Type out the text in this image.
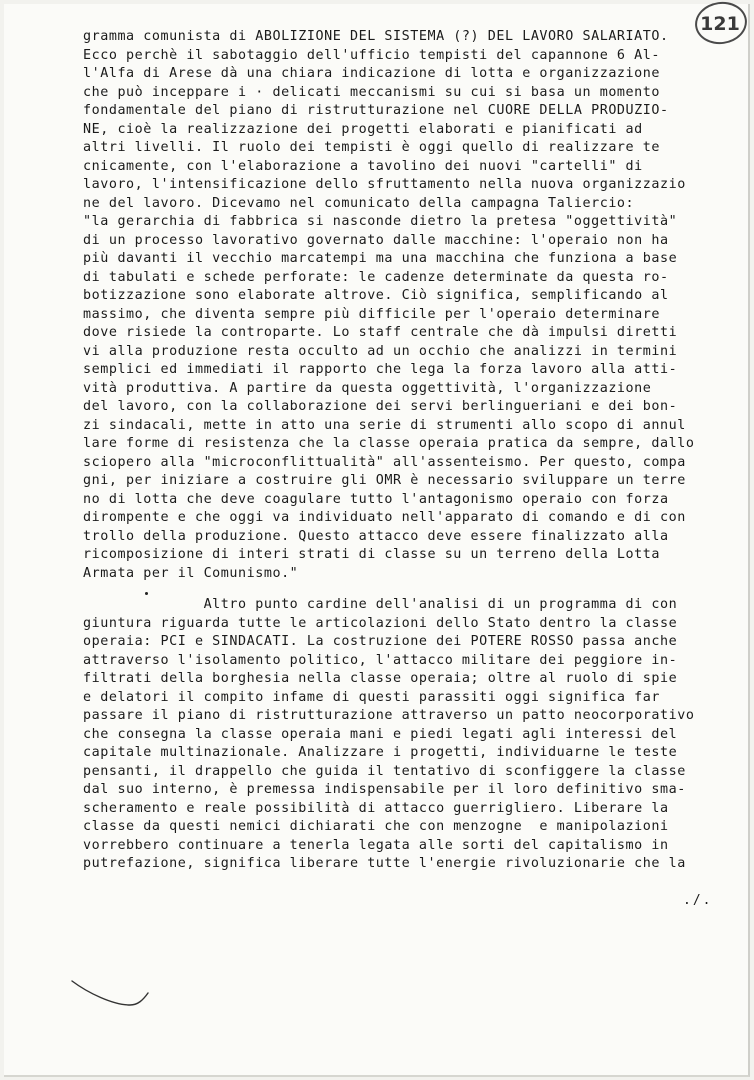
121
gramma comunista di ABOLIZIONE DEL SISTEMA (?) DEL LAVORO SALARIATO.
Ecco perchè il sabotaggio dell'ufficio tempisti del capannone 6 Al-
l'Alfa di Arese dà una chiara indicazione di lotta e organizzazione
che può incepparе i · delicati meccanismi su cui si basa un momento
fondamentale del piano di ristrutturazione nel CUORE DELLA PRODUZIO-
NE, cioè la realizzazione dei progetti elaborati e pianificati ad
altri livelli. Il ruolo dei tempisti è oggi quello di realizzare te
cnicamente, con l'elaborazione a tavolino dei nuovi "cartelli" di
lavoro, l'intensificazione dello sfruttamento nella nuova organizzazio
ne del lavoro. Dicevamo nel comunicato della campagna Taliercio:
"la gerarchia di fabbrica si nasconde dietro la pretesa "oggettività"
di un processo lavorativo governato dalle macchine: l'operaio non ha
più davanti il vecchio marcatempi ma una macchina che funziona a base
di tabulati e schede perforate: le cadenze determinate da questa ro-
botizzazione sono elaborate altrove. Ciò significa, semplificando al
massimo, che diventa sempre più difficile per l'operaio determinare
dove risiede la controparte. Lo staff centrale che dà impulsi diretti
vi alla produzione resta occulto ad un occhio che analizzi in termini
semplici ed immediati il rapporto che lega la forza lavoro alla atti-
vità produttiva. A partire da questa oggettività, l'organizzazione
del lavoro, con la collaborazione dei servi berlingueriani e dei bon-
zi sindacali, mette in atto una serie di strumenti allo scopo di annul
lare forme di resistenza che la classe operaia pratica da sempre, dallo
sciopero alla "microconflittualità" all'assenteismo. Per questo, compa
gni, per iniziare a costruire gli OMR è necessario sviluppare un terre
no di lotta che deve coagulare tutto l'antagonismo operaio con forza
dirompente e che oggi va individuato nell'apparato di comando e di con
trollo della produzione. Questo attacco deve essere finalizzato alla
ricomposizione di interi strati di classe su un terreno della Lotta
Armata per il Comunismo."
Altro punto cardine dell'analisi di un programma di con
giuntura riguarda tutte le articolazioni dello Stato dentro la classe
operaia: PCI e SINDACATI. La costruzione dei POTERE ROSSO passa anche
attraverso l'isolamento politico, l'attacco militare dei peggiore in-
filtrati della borghesia nella classe operaia; oltre al ruolo di spie
e delatori il compito infame di questi parassiti oggi significa far
passare il piano di ristrutturazione attraverso un patto neocorporativo
che consegna la classe operaia mani e piedi legati agli interessi del
capitale multinazionale. Analizzare i progetti, individuarne le teste
pensanti, il drappello che guida il tentativo di sconfiggere la classe
dal suo interno, è premessa indispensabile per il loro definitivo sma-
scheramento e reale possibilità di attacco guerrigliero. Liberare la
classe da questi nemici dichiarati che con menzogne  e manipolazioni
vorrebbero continuare a tenerla legata alle sorti del capitalismo in
putrefazione, significa liberare tutte l'energie rivoluzionarie che la
./.
